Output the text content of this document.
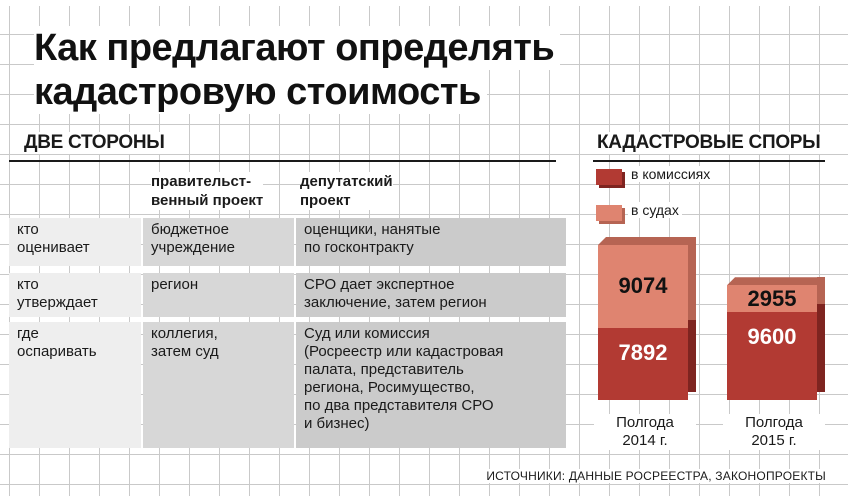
Как предлагают определять
кадастровую стоимость
ДВЕ СТОРОНЫ	КАДАСТРОВЫЕ СПОРЫ
правительст-
венный проект
депутатский
проект
кто
оценивает
бюджетное
учреждение
оценщики, нанятые
по госконтракту
кто
утверждает
регион	СРО дает экспертное
заключение, затем регион
где
оспаривать
коллегия,
затем суд
Суд или комиссия
(Росреестр или кадастровая
палата, представитель
региона, Росимущество,
по два представителя СРО
и бизнес)
в комиссиях
в судах
7892
9074
Полгода
2014 г.
9600
2955
Полгода
2015 г.
ИСТОЧНИКИ: ДАННЫЕ РОСРЕЕСТРА, ЗАКОНОПРОЕКТЫ
